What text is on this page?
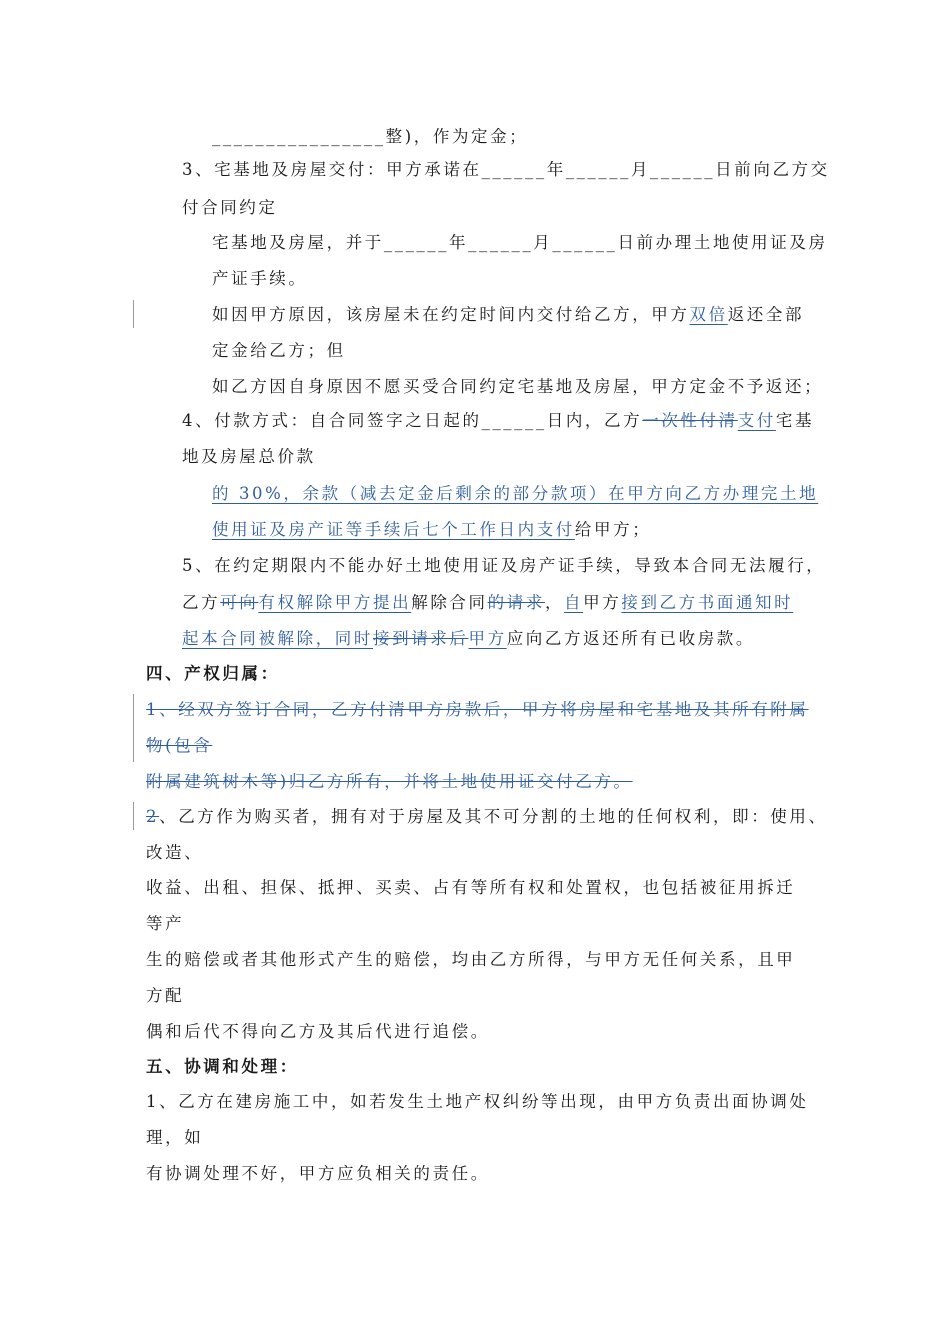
________________整)，作为定金；
3、宅基地及房屋交付：甲方承诺在______年______月______日前向乙方交
付合同约定
宅基地及房屋，并于______年______月______日前办理土地使用证及房
产证手续。
如因甲方原因，该房屋未在约定时间内交付给乙方，甲方双倍返还全部
定金给乙方；但
如乙方因自身原因不愿买受合同约定宅基地及房屋，甲方定金不予返还；
4、付款方式：自合同签字之日起的______日内，乙方一次性付清支付宅基
地及房屋总价款
的 30%，余款（减去定金后剩余的部分款项）在甲方向乙方办理完土地
使用证及房产证等手续后七个工作日内支付给甲方；
5、在约定期限内不能办好土地使用证及房产证手续，导致本合同无法履行，
乙方可向有权解除甲方提出解除合同的请求，自甲方接到乙方书面通知时
起本合同被解除，同时接到请求后甲方应向乙方返还所有已收房款。
四、产权归属：
1、经双方签订合同，乙方付清甲方房款后，甲方将房屋和宅基地及其所有附属
物(包含
附属建筑树木等)归乙方所有，并将土地使用证交付乙方。
2、乙方作为购买者，拥有对于房屋及其不可分割的土地的任何权利，即：使用、
改造、
收益、出租、担保、抵押、买卖、占有等所有权和处置权，也包括被征用拆迁
等产
生的赔偿或者其他形式产生的赔偿，均由乙方所得，与甲方无任何关系，且甲
方配
偶和后代不得向乙方及其后代进行追偿。
五、协调和处理：
1、乙方在建房施工中，如若发生土地产权纠纷等出现，由甲方负责出面协调处
理，如
有协调处理不好，甲方应负相关的责任。
